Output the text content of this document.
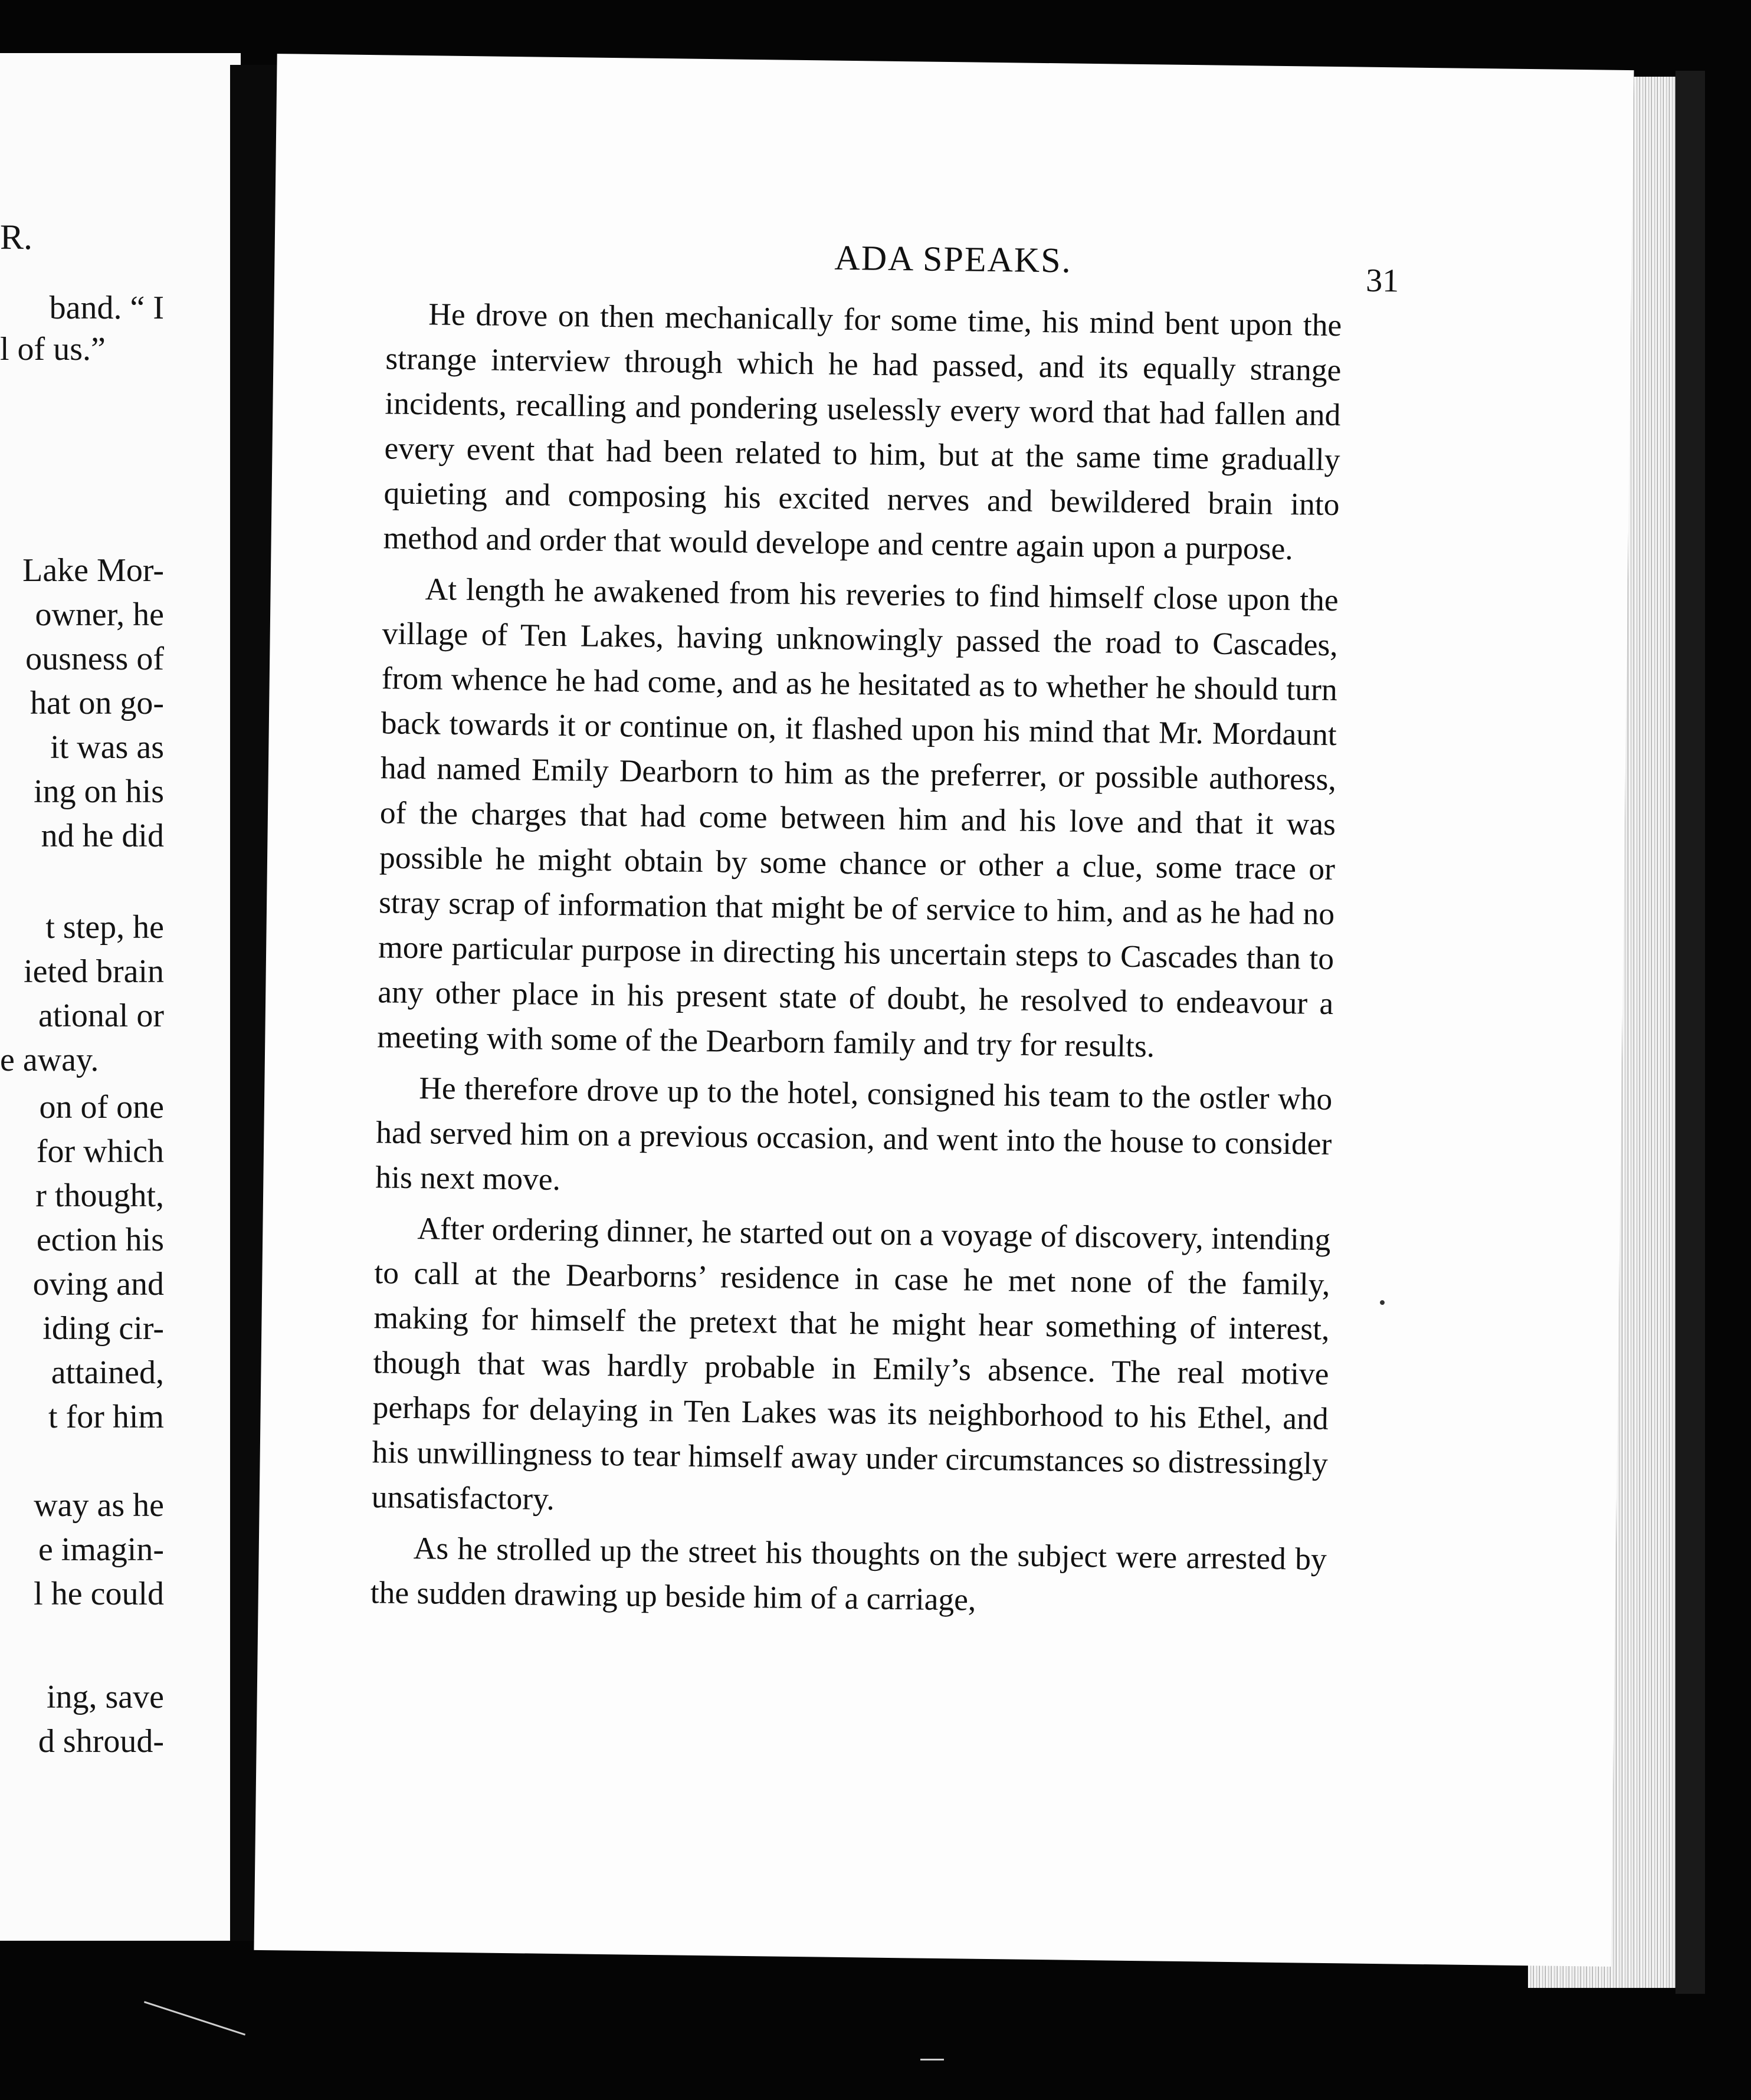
R.
band. “ I
l of us.”
Lake Mor-
owner, he
ousness of
hat on go-
it was as
ing on his
nd he did
t step, he
ieted brain
ational or
e away.
on of one
for which
r thought,
ection his
oving and
iding cir-
attained,
t for him
way as he
e imagin-
l he could
ing, save
d shroud-
ADA SPEAKS.
31

He drove on then mechanically for some time, his mind bent upon the strange interview through which he had passed, and its equally strange incidents, recalling and pondering uselessly every word that had fallen and every event that had been related to him, but at the same time gradually quieting and composing his excited nerves and bewildered brain into method and order that would develope and centre again upon a purpose.

At length he awakened from his reveries to find himself close upon the village of Ten Lakes, having unknowingly passed the road to Cascades, from whence he had come, and as he hesitated as to whether he should turn back towards it or continue on, it flashed upon his mind that Mr. Mordaunt had named Emily Dearborn to him as the preferrer, or possible authoress, of the charges that had come between him and his love and that it was possible he might obtain by some chance or other a clue, some trace or stray scrap of information that might be of service to him, and as he had no more particular purpose in directing his uncertain steps to Cascades than to any other place in his present state of doubt, he resolved to endeavour a meeting with some of the Dearborn family and try for results.

He therefore drove up to the hotel, consigned his team to the ostler who had served him on a previous occasion, and went into the house to consider his next move.

After ordering dinner, he started out on a voyage of discovery, intending to call at the Dearborns’ residence in case he met none of the family, making for himself the pretext that he might hear something of interest, though that was hardly probable in Emily’s absence. The real motive perhaps for delaying in Ten Lakes was its neighborhood to his Ethel, and his unwillingness to tear himself away under circumstances so distressingly unsatisfactory.

As he strolled up the street his thoughts on the subject were arrested by the sudden drawing up beside him of a carriage,
